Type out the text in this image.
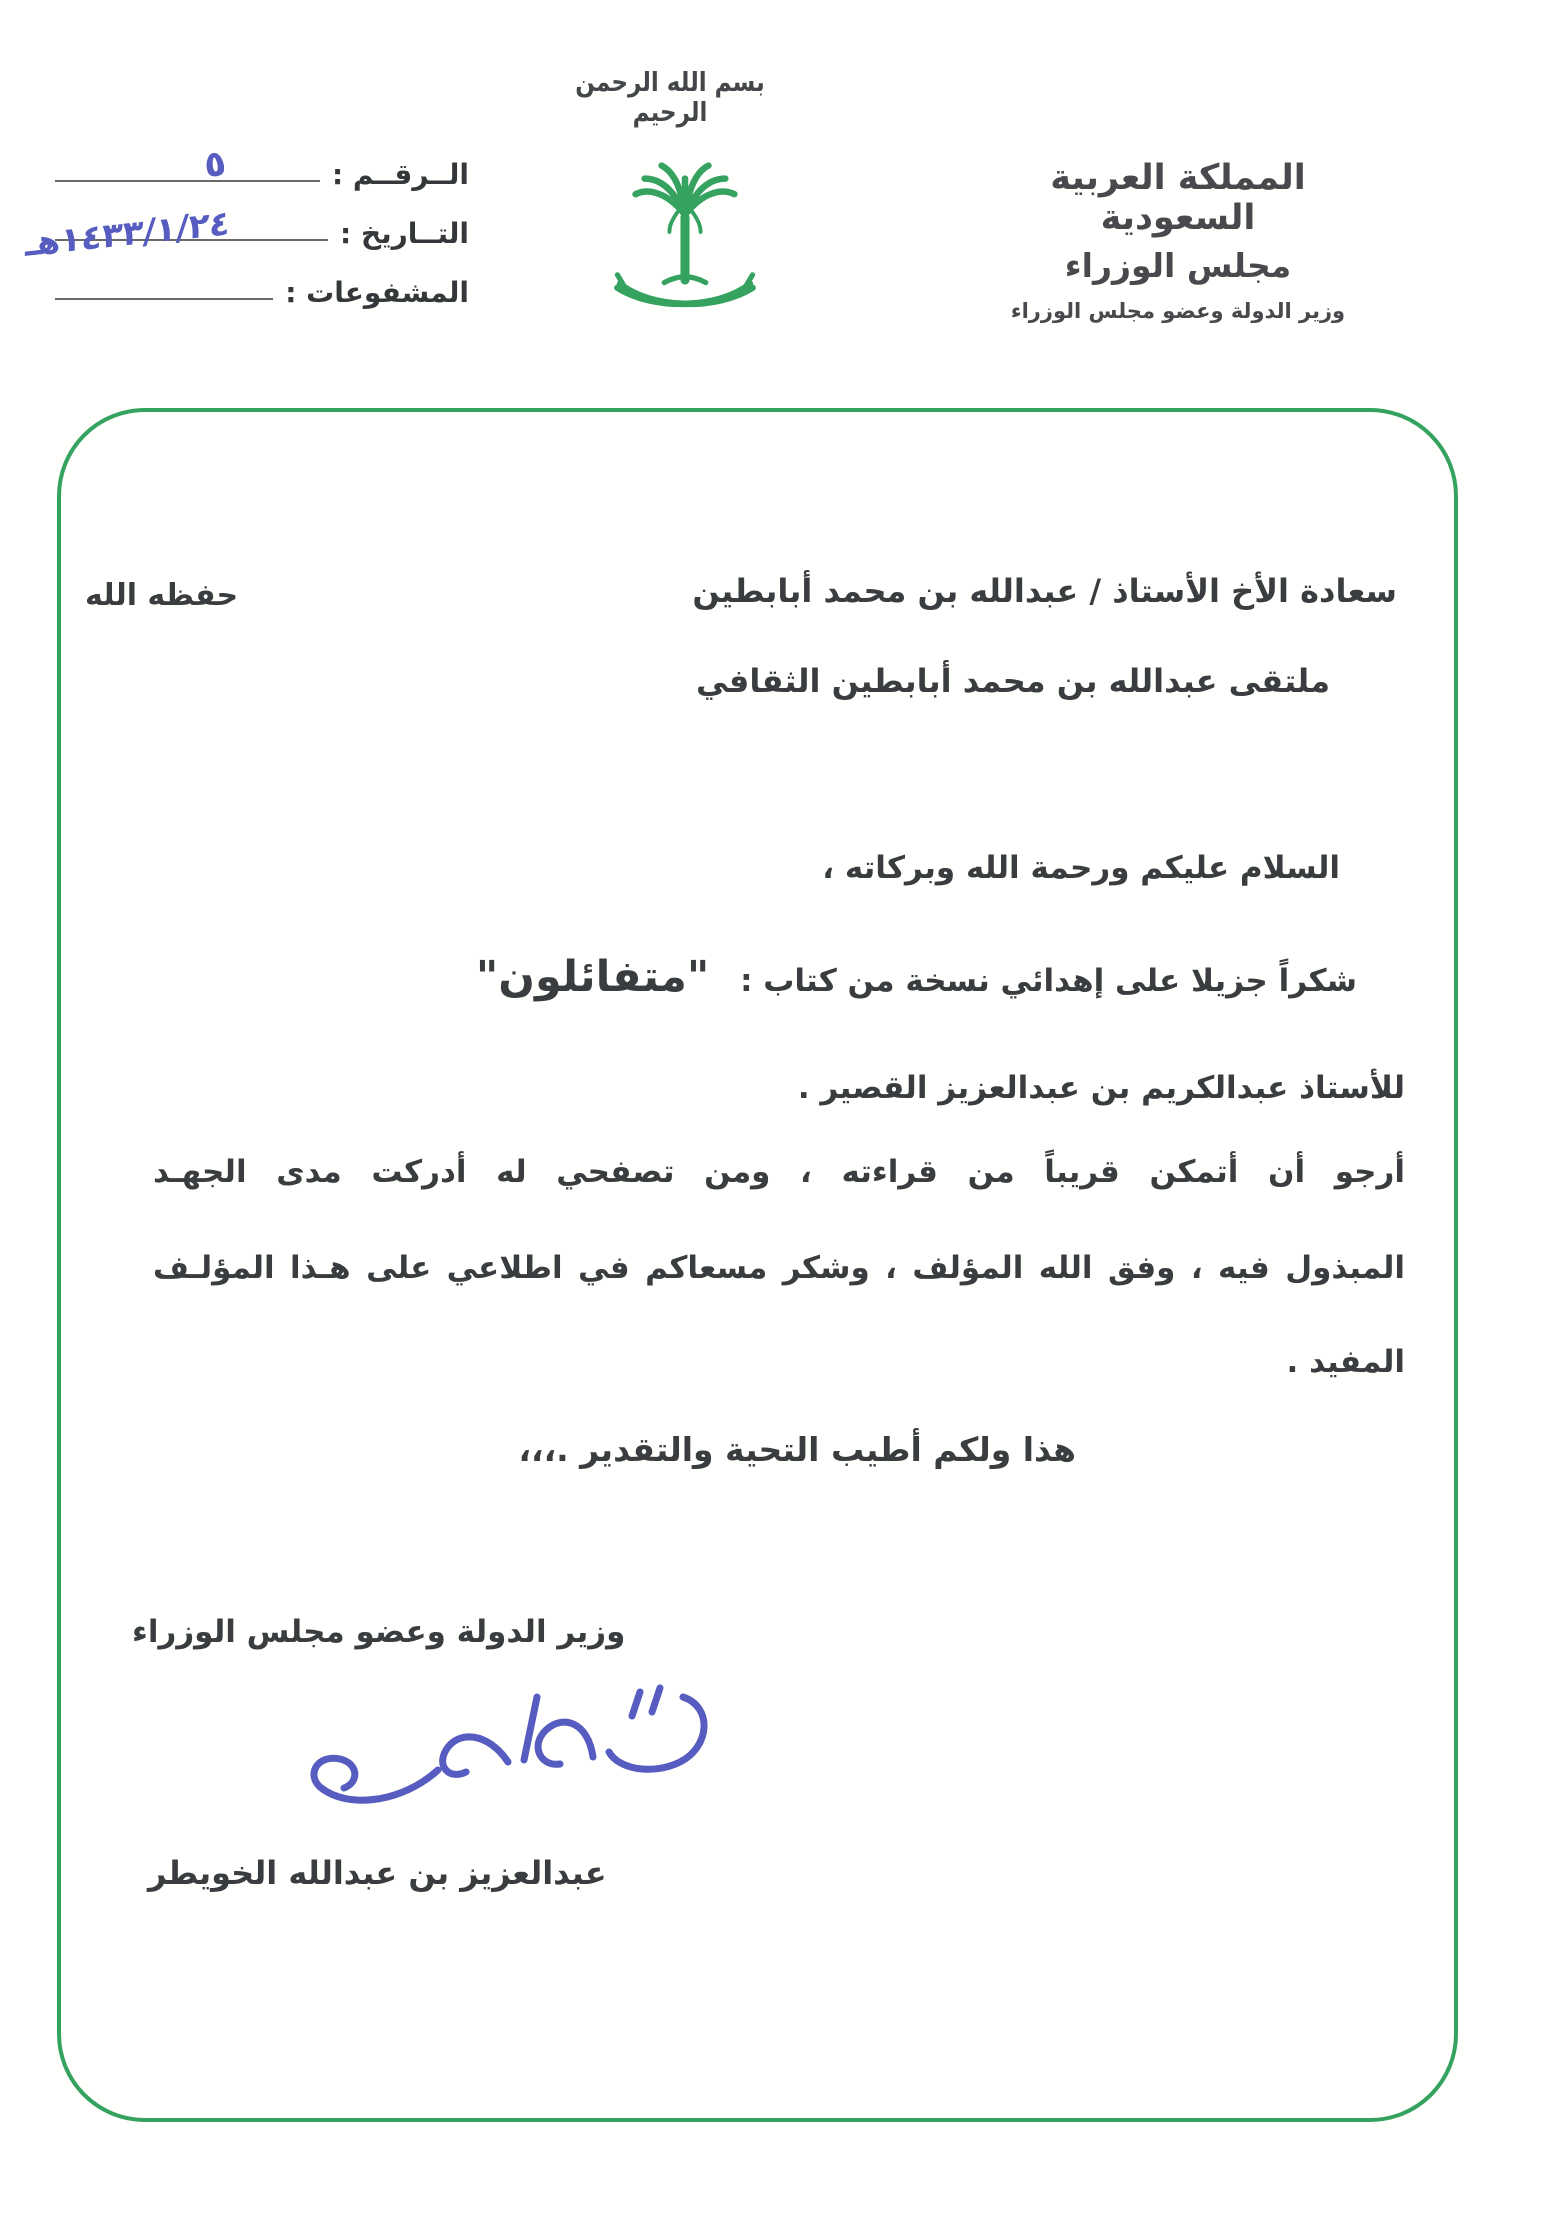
بسم الله الرحمن الرحيم
المملكة العربية السعودية
مجلس الوزراء
وزير الدولة وعضو مجلس الوزراء
الــرقــم :
التــاريخ :
المشفوعات :
٥
١٤٣٣/١/٢٤هـ
سعادة الأخ الأستاذ / عبدالله بن محمد أبابطين
حفظه الله
ملتقى عبدالله بن محمد أبابطين الثقافي
السلام عليكم ورحمة الله وبركاته ،
شكراً جزيلا على إهدائي نسخة من كتاب : "متفائلون"
للأستاذ عبدالكريم بن عبدالعزيز القصير .
أرجو أن أتمكن قريباً من قراءته ، ومن تصفحي له أدركت مدى الجهـد
المبذول فيه ، وفق الله المؤلف ، وشكر مسعاكم في اطلاعي على هـذا المؤلـف
المفيد .
هذا ولكم أطيب التحية والتقدير .،،،
وزير الدولة وعضو مجلس الوزراء
عبدالعزيز بن عبدالله الخويطر
